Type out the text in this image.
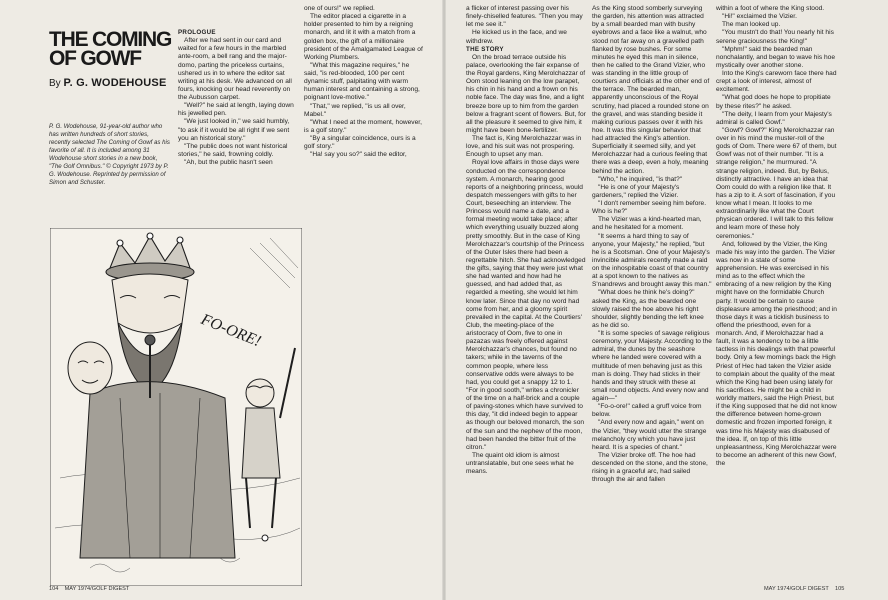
THE COMING OF GOWF

By P. G. WODEHOUSE

P. G. Wodehouse, 91-year-old author who has written hundreds of short stories, recently selected The Coming of Gowf as his favorite of all. It is included among 31 Wodehouse short stories in a new book, "The Golf Omnibus." © Copyright 1973 by P. G. Wodehouse. Reprinted by permission of Simon and Schuster.

PROLOGUE

After we had sent in our card and waited for a few hours in the marbled ante-room, a bell rang and the major-domo, parting the priceless curtains, ushered us in to where the editor sat writing at his desk. We advanced on all fours, knocking our head reverently on the Aubusson carpet.

"Well?" he said at length, laying down his jewelled pen.

"We just looked in," we said humbly, "to ask if it would be all right if we sent you an historical story."

"The public does not want historical stories," he said, frowning coldly.

"Ah, but the public hasn't seen

one of ours!" we replied.

The editor placed a cigarette in a holder presented to him by a reigning monarch, and lit it with a match from a golden box, the gift of a millionaire president of the Amalgamated League of Working Plumbers.

"What this magazine requires," he said, "is red-blooded, 100 per cent dynamic stuff, palpitating with warm human interest and containing a strong, poignant love-motive."

"That," we replied, "is us all over, Mabel."

"What I need at the moment, however, is a golf story."

"By a singular coincidence, ours is a golf story."

"Ha! say you so?" said the editor,

FO-ORE!

104 MAY 1974/GOLF DIGEST

a flicker of interest passing over his finely-chiselled features. "Then you may let me see it."

He kicked us in the face, and we withdrew.

THE STORY

On the broad terrace outside his palace, overlooking the fair expanse of the Royal gardens, King Merolchazzar of Oom stood leaning on the low parapet, his chin in his hand and a frown on his noble face. The day was fine, and a light breeze bore up to him from the garden below a fragrant scent of flowers. But, for all the pleasure it seemed to give him, it might have been bone-fertilizer.

The fact is, King Merolchazzar was in love, and his suit was not prospering. Enough to upset any man.

Royal love affairs in those days were conducted on the correspondence system. A monarch, hearing good reports of a neighboring princess, would despatch messengers with gifts to her Court, beseeching an interview. The Princess would name a date, and a formal meeting would take place; after which everything usually buzzed along pretty smoothly. But in the case of King Merolchazzar's courtship of the Princess of the Outer Isles there had been a regrettable hitch. She had acknowledged the gifts, saying that they were just what she had wanted and how had he guessed, and had added that, as regarded a meeting, she would let him know later. Since that day no word had come from her, and a gloomy spirit prevailed in the capital. At the Courtiers' Club, the meeting-place of the aristocracy of Oom, five to one in pazazas was freely offered against Merolchazzar's chances, but found no takers; while in the taverns of the common people, where less conservative odds were always to be had, you could get a snappy 12 to 1. "For in good sooth," writes a chronicler of the time on a half-brick and a couple of paving-stones which have survived to this day, "it did indeed begin to appear as though our beloved monarch, the son of the sun and the nephew of the moon, had been handed the bitter fruit of the citron."

The quaint old idiom is almost untranslatable, but one sees what he means.

As the King stood somberly surveying the garden, his attention was attracted by a small bearded man with bushy eyebrows and a face like a walnut, who stood not far away on a gravelled path flanked by rose bushes. For some minutes he eyed this man in silence, then he called to the Grand Vizier, who was standing in the little group of courtiers and officials at the other end of the terrace. The bearded man, apparently unconscious of the Royal scrutiny, had placed a rounded stone on the gravel, and was standing beside it making curious passes over it with his hoe. It was this singular behavior that had attracted the King's attention. Superficially it seemed silly, and yet Merolchazzar had a curious feeling that there was a deep, even a holy, meaning behind the action.

"Who," he inquired, "is that?"

"He is one of your Majesty's gardeners," replied the Vizier.

"I don't remember seeing him before. Who is he?"

The Vizier was a kind-hearted man, and he hesitated for a moment.

"It seems a hard thing to say of anyone, your Majesty," he replied, "but he is a Scotsman. One of your Majesty's invincible admirals recently made a raid on the inhospitable coast of that country at a spot known to the natives as S'nandrews and brought away this man."

"What does he think he's doing?" asked the King, as the bearded one slowly raised the hoe above his right shoulder, slightly bending the left knee as he did so.

"It is some species of savage religious ceremony, your Majesty. According to the admiral, the dunes by the seashore where he landed were covered with a multitude of men behaving just as this man is doing. They had sticks in their hands and they struck with these at small round objects. And every now and again—"

"Fo-o-ore!" called a gruff voice from below.

"And every now and again," went on the Vizier, "they would utter the strange melancholy cry which you have just heard. It is a species of chant."

The Vizier broke off. The hoe had descended on the stone, and the stone, rising in a graceful arc, had sailed through the air and fallen

within a foot of where the King stood.

"Hi!" exclaimed the Vizier.

The man looked up.

"You mustn't do that! You nearly hit his serene graciousness the King!"

"Mphm!" said the bearded man nonchalantly, and began to wave his hoe mystically over another stone.

Into the King's careworn face there had crept a look of interest, almost of excitement.

"What god does he hope to propitiate by these rites?" he asked.

"The deity, I learn from your Majesty's admiral is called Gowf."

"Gowf? Gowf?" King Merolchazzar ran over in his mind the muster-roll of the gods of Oom. There were 67 of them, but Gowf was not of their number. "It is a strange religion," he murmured. "A strange religion, indeed. But, by Belus, distinctly attractive. I have an idea that Oom could do with a religion like that. It has a zip to it. A sort of fascination, if you know what I mean. It looks to me extraordinarily like what the Court physican ordered. I will talk to this fellow and learn more of these holy ceremonies."

And, followed by the Vizier, the King made his way into the garden. The Vizier was now in a state of some apprehension. He was exercised in his mind as to the effect which the embracing of a new religion by the King might have on the formidable Church party. It would be certain to cause displeasure among the priesthood; and in those days it was a ticklish business to offend the priesthood, even for a monarch. And, if Merolchazzar had a fault, it was a tendency to be a little tactless in his dealings with that powerful body. Only a few mornings back the High Priest of Hec had taken the Vizier aside to complain about the quality of the meat which the King had been using lately for his sacrifices. He might be a child in worldly matters, said the High Priest, but if the King supposed that he did not know the difference between home-grown domestic and frozen imported foreign, it was time his Majesty was disabused of the idea. If, on top of this little unpleasantness, King Merolchazzar were to become an adherent of this new Gowf, the

MAY 1974/GOLF DIGEST 105
